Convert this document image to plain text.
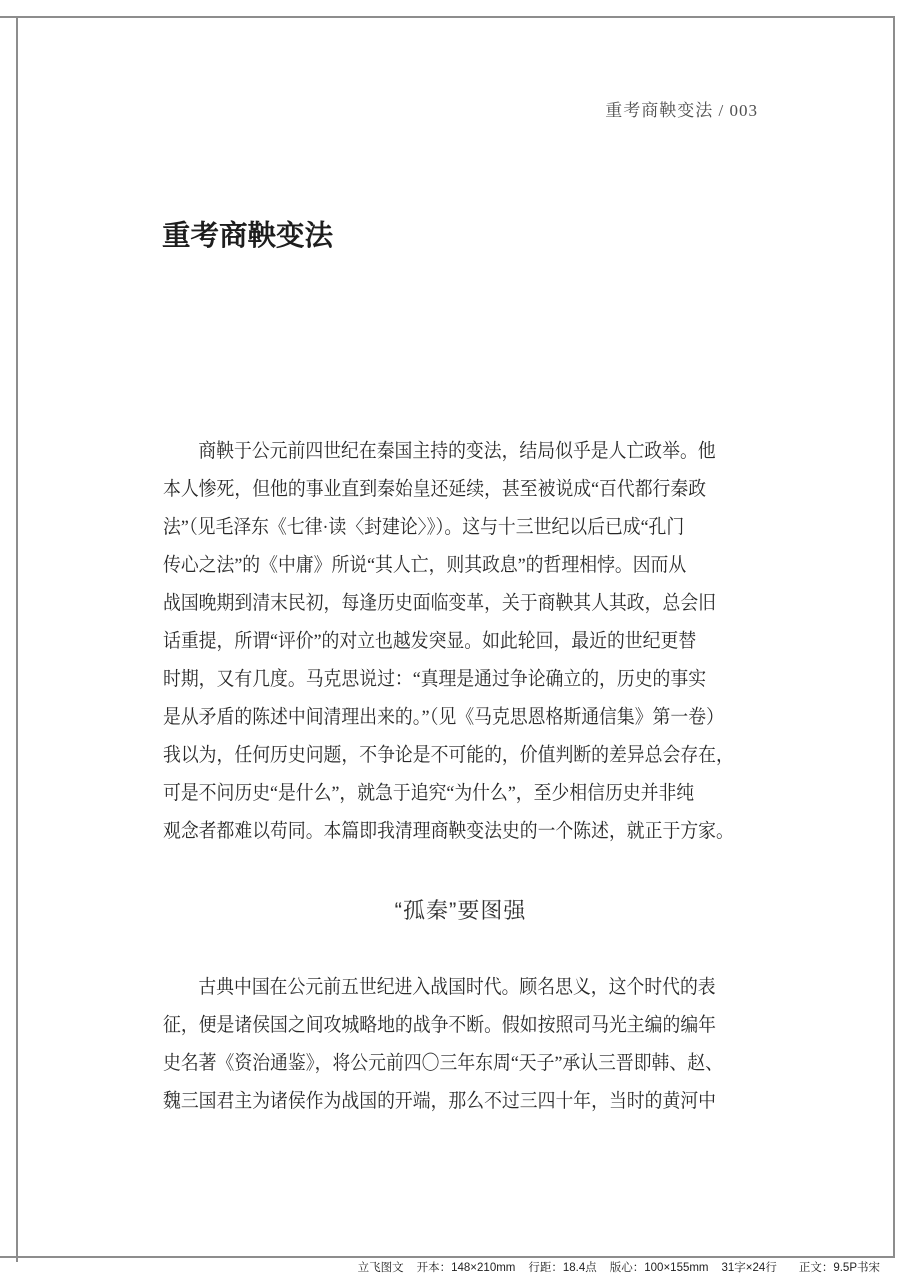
重考商鞅变法 / 003
重考商鞅变法
商鞅于公元前四世纪在秦国主持的变法，结局似乎是人亡政举。他
本人惨死，但他的事业直到秦始皇还延续，甚至被说成“百代都行秦政
法”（见毛泽东《七律·读〈封建论〉》）。这与十三世纪以后已成“孔门
传心之法”的《中庸》所说“其人亡，则其政息”的哲理相悖。因而从
战国晚期到清末民初，每逢历史面临变革，关于商鞅其人其政，总会旧
话重提，所谓“评价”的对立也越发突显。如此轮回，最近的世纪更替
时期，又有几度。马克思说过：“真理是通过争论确立的，历史的事实
是从矛盾的陈述中间清理出来的。”（见《马克思恩格斯通信集》第一卷）
我以为，任何历史问题，不争论是不可能的，价值判断的差异总会存在，
可是不问历史“是什么”，就急于追究“为什么”，至少相信历史并非纯
观念者都难以苟同。本篇即我清理商鞅变法史的一个陈述，就正于方家。
“孤秦”要图强
古典中国在公元前五世纪进入战国时代。顾名思义，这个时代的表
征，便是诸侯国之间攻城略地的战争不断。假如按照司马光主编的编年
史名著《资治通鉴》，将公元前四〇三年东周“天子”承认三晋即韩、赵、
魏三国君主为诸侯作为战国的开端，那么不过三四十年，当时的黄河中
立飞图文 开本：148×210mm 行距：18.4点 版心：100×155mm 31字×24行 正文：9.5P书宋
